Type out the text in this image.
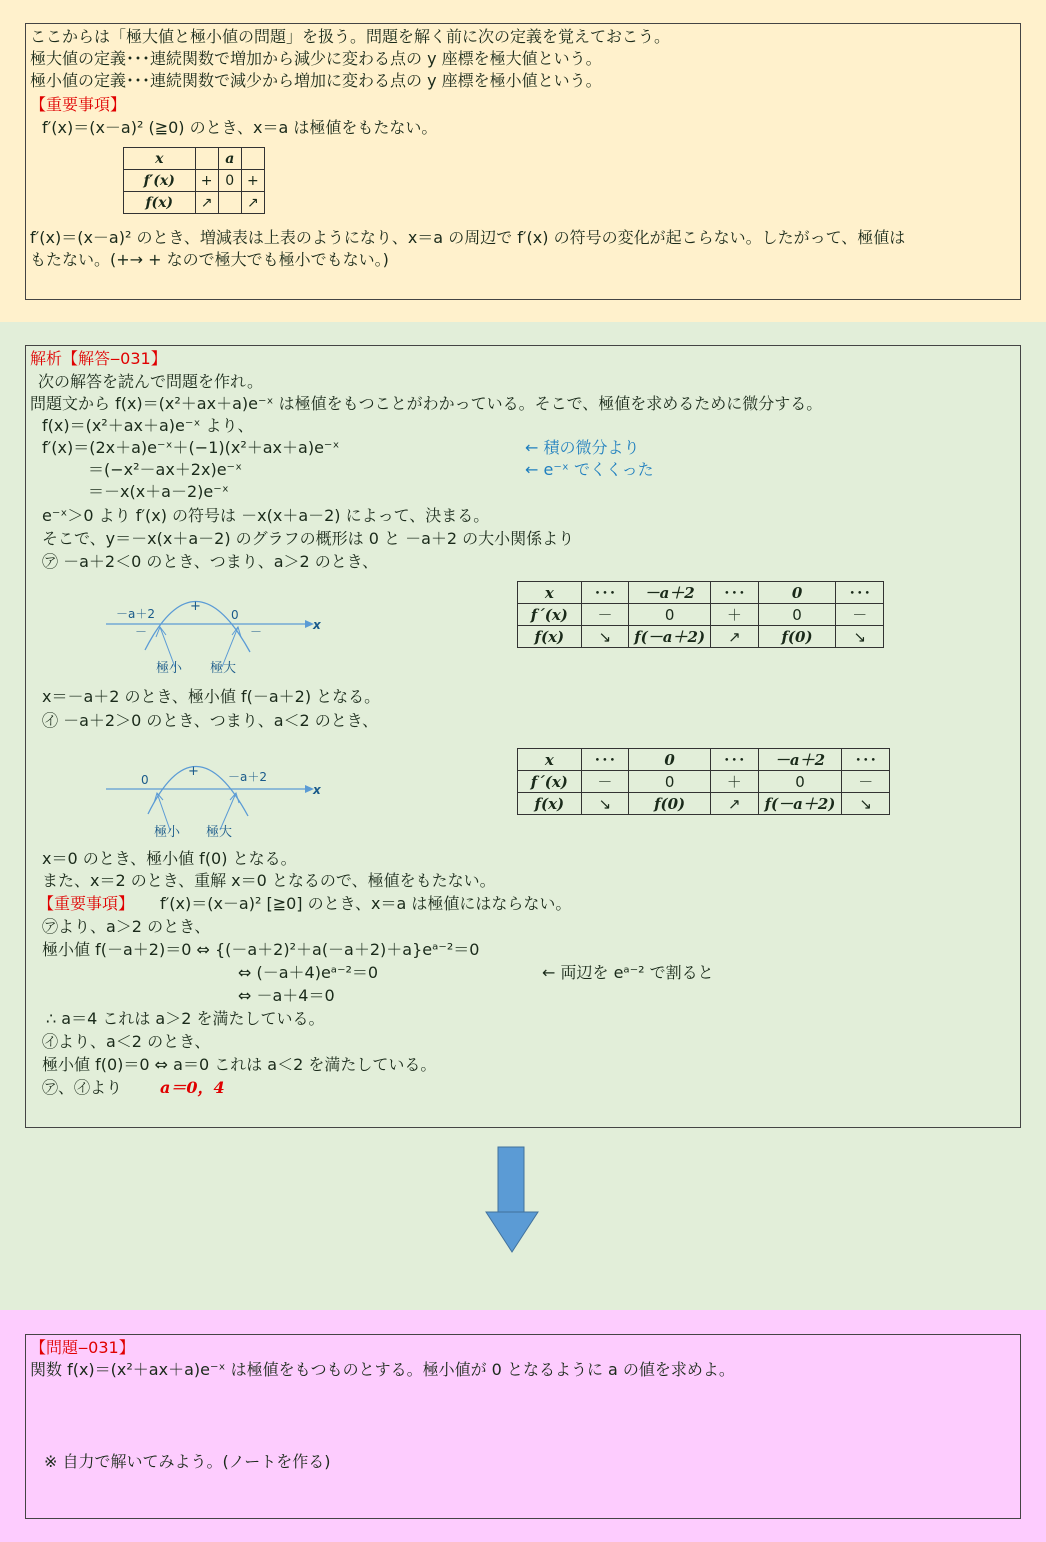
ここからは「極大値と極小値の問題」を扱う。問題を解く前に次の定義を覚えておこう。
極大値の定義･･･連続関数で増加から減少に変わる点の y 座標を極大値という。
極小値の定義･･･連続関数で減少から増加に変わる点の y 座標を極小値という。
【重要事項】
f′(x)＝(x－a)² (≧0) のとき、x＝a は極値をもたない。
x		a	
f′(x)	+	0	+
f(x)	↗		↗
f′(x)＝(x－a)² のとき、増減表は上表のようになり、x＝a の周辺で f′(x) の符号の変化が起こらない。したがって、極値は
もたない。(+→ + なので極大でも極小でもない。)
解析【解答‒031】
次の解答を読んで問題を作れ。
問題文から f(x)＝(x²＋ax＋a)e⁻ˣ は極値をもつことがわかっている。そこで、極値を求めるために微分する。
f(x)＝(x²＋ax＋a)e⁻ˣ より、
f′(x)＝(2x＋a)e⁻ˣ＋(−1)(x²＋ax＋a)e⁻ˣ	← 積の微分より
＝(−x²－ax＋2x)e⁻ˣ	← e⁻ˣ でくくった
＝－x(x＋a－2)e⁻ˣ
e⁻ˣ＞0 より f′(x) の符号は －x(x＋a－2) によって、決まる。
そこで、y＝－x(x＋a－2) のグラフの概形は 0 と －a＋2 の大小関係より
㋐ －a＋2＜0 のとき、つまり、a＞2 のとき、
－a＋2	0
+
－	－	x
極小 極大
x	･･･	－a＋2	･･･	0	･･･
f´(x)	－	0	＋	0	－
f(x)	↘	f(－a＋2)	↗	f(0)	↘
x＝－a＋2 のとき、極小値 f(－a＋2) となる。
㋑ －a＋2＞0 のとき、つまり、a＜2 のとき、
0	－a＋2
+
x
極小 極大
x	･･･	0	･･･	－a＋2	･･･
f´(x)	－	0	＋	0	－
f(x)	↘	f(0)	↗	f(－a＋2)	↘
x＝0 のとき、極小値 f(0) となる。
また、x＝2 のとき、重解 x＝0 となるので、極値をもたない。
【重要事項】 f′(x)＝(x－a)² [≧0] のとき、x＝a は極値にはならない。
㋐より、a＞2 のとき、
極小値 f(－a＋2)＝0 ⇔ {(－a＋2)²＋a(－a＋2)＋a}eᵃ⁻²＝0
⇔ (－a＋4)eᵃ⁻²＝0	← 両辺を eᵃ⁻² で割ると
⇔ －a＋4＝0
∴ a＝4 これは a＞2 を満たしている。
㋑より、a＜2 のとき、
極小値 f(0)＝0 ⇔ a＝0 これは a＜2 を満たしている。
㋐、㋑より a＝0，4
【問題‒031】
関数 f(x)＝(x²＋ax＋a)e⁻ˣ は極値をもつものとする。極小値が 0 となるように a の値を求めよ。
※ 自力で解いてみよう。(ノートを作る)
